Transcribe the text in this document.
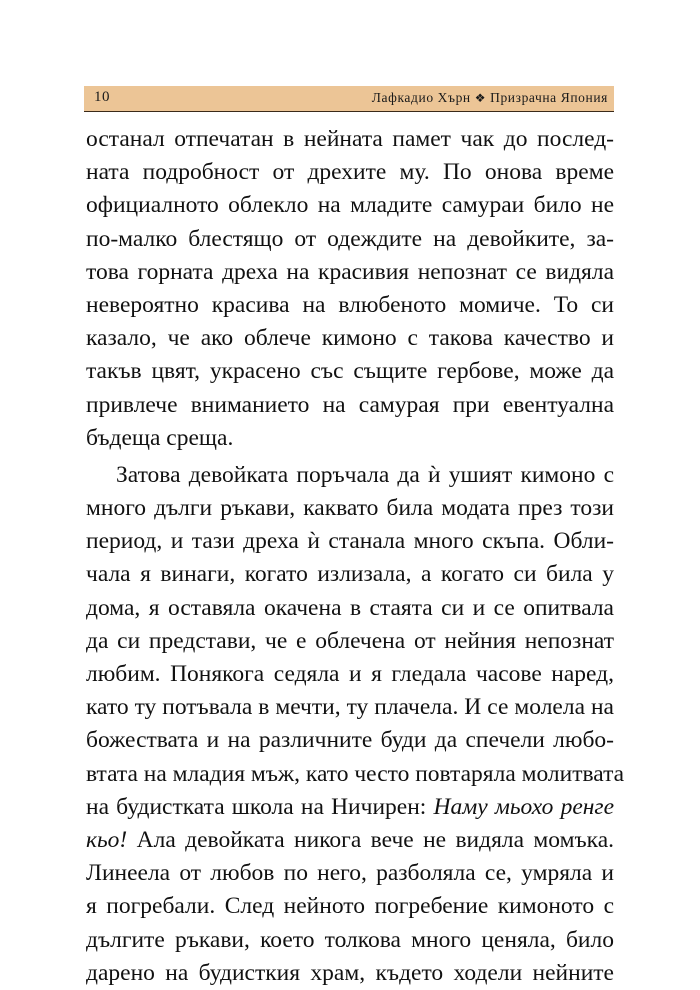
10	Лафкадио Хърн ❖ Призрачна Япония
останал отпечатан в нейната памет чак до послед-
ната подробност от дрехите му. По онова време
официалното облекло на младите самураи било не
по-малко блестящо от одеждите на девойките, за-
това горната дреха на красивия непознат се видяла
невероятно красива на влюбеното момиче. То си
казало, че ако облече кимоно с такова качество и
такъв цвят, украсено със същите гербове, може да
привлече вниманието на самурая при евентуална
бъдеща среща.
Затова девойката поръчала да ѝ ушият кимоно с
много дълги ръкави, каквато била модата през този
период, и тази дреха ѝ станала много скъпа. Обли-
чала я винаги, когато излизала, а когато си била у
дома, я оставяла окачена в стаята си и се опитвала
да си представи, че е облечена от нейния непознат
любим. Понякога седяла и я гледала часове наред,
като ту потъвала в мечти, ту плачела. И се молела на
божествата и на различните буди да спечели любо-
втата на младия мъж, като често повтаряла молитвата
на будистката школа на Ничирен: Наму мьохо ренге
кьо! Ала девойката никога вече не видяла момъка.
Линеела от любов по него, разболяла се, умряла и
я погребали. След нейното погребение кимоното с
дългите ръкави, което толкова много ценяла, било
дарено на будисткия храм, където ходели нейните
